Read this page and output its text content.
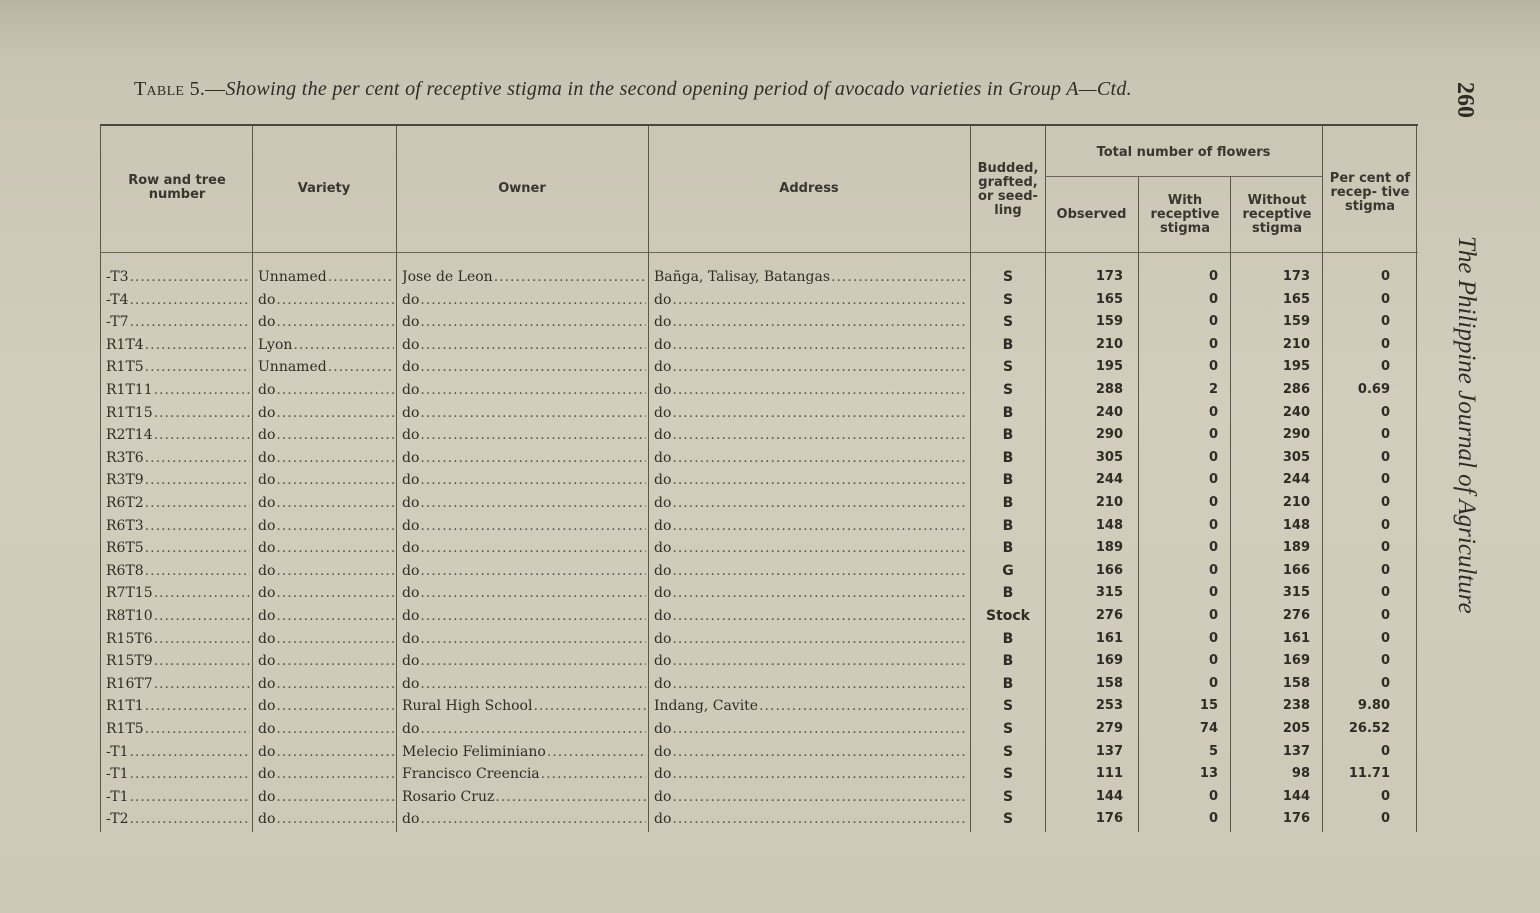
Table 5.—Showing the per cent of receptive stigma in the second opening period of avocado varieties in Group A—Ctd.	260
The Philippine Journal of Agriculture
Row and tree number	Variety	Owner	Address
Budded, grafted, or seed- ling
Total number of flowers
Observed
With receptive stigma
Without receptive stigma
Per cent of recep- tive stigma
-T3 .....	Unnamed .....	Jose de Leon .....	Bañga, Talisay, Batangas .....	S	173	0	173	0
-T4 .....	do .....	do .....	do .....	S	165	0	165	0
-T7 .....	do .....	do .....	do .....	S	159	0	159	0
R1T4 .....	Lyon .....	do .....	do .....	B	210	0	210	0
R1T5 .....	Unnamed .....	do .....	do .....	S	195	0	195	0
R1T11 .....	do .....	do .....	do .....	S	288	2	286	0.69
R1T15 .....	do .....	do .....	do .....	B	240	0	240	0
R2T14 .....	do .....	do .....	do .....	B	290	0	290	0
R3T6 .....	do .....	do .....	do .....	B	305	0	305	0
R3T9 .....	do .....	do .....	do .....	B	244	0	244	0
R6T2 .....	do .....	do .....	do .....	B	210	0	210	0
R6T3 .....	do .....	do .....	do .....	B	148	0	148	0
R6T5 .....	do .....	do .....	do .....	B	189	0	189	0
R6T8 .....	do .....	do .....	do .....	G	166	0	166	0
R7T15 .....	do .....	do .....	do .....	B	315	0	315	0
R8T10 .....	do .....	do .....	do .....	Stock	276	0	276	0
R15T6 .....	do .....	do .....	do .....	B	161	0	161	0
R15T9 .....	do .....	do .....	do .....	B	169	0	169	0
R16T7 .....	do .....	do .....	do .....	B	158	0	158	0
R1T1 .....	do .....	Rural High School .....	Indang, Cavite .....	S	253	15	238	9.80
R1T5 .....	do .....	do .....	do .....	S	279	74	205	26.52
-T1 .....	do .....	Melecio Feliminiano .....	do .....	S	137	5	137	0
-T1 .....	do .....	Francisco Creencia .....	do .....	S	111	13	98	11.71
-T1 .....	do .....	Rosario Cruz .....	do .....	S	144	0	144	0
-T2 .....	do .....	do .....	do .....	S	176	0	176	0
